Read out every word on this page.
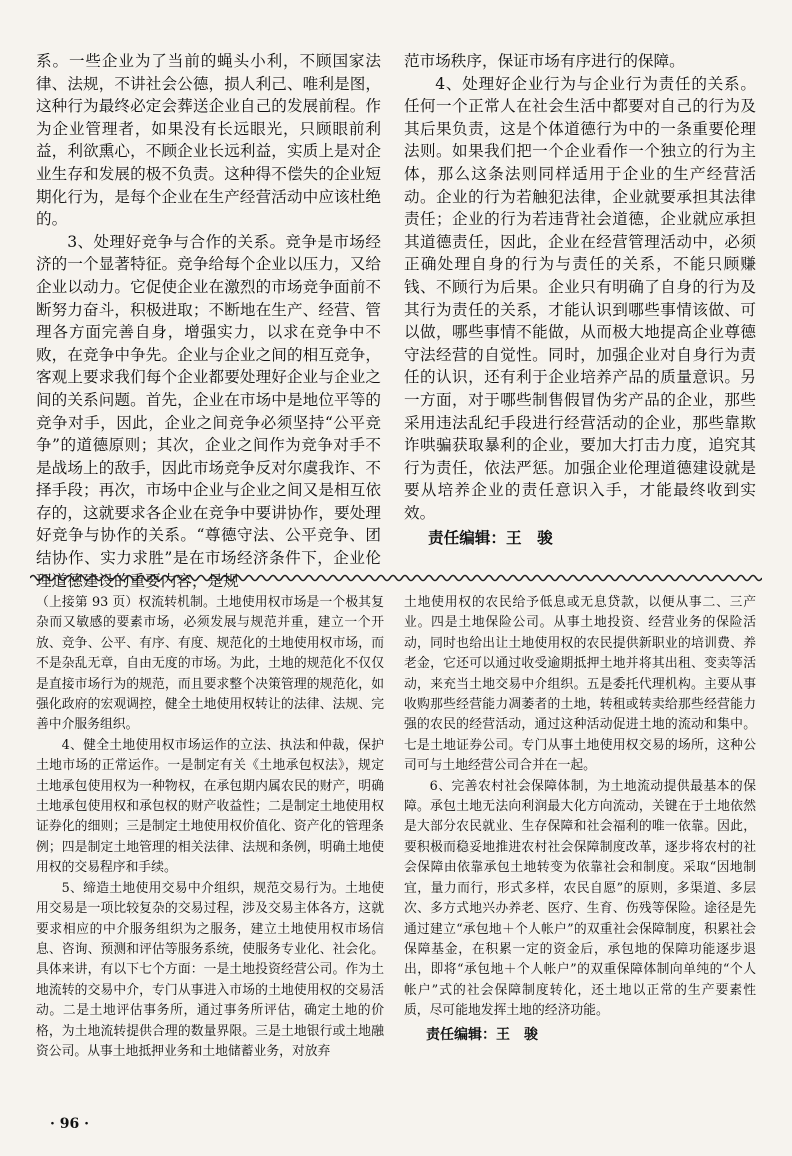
系。一些企业为了当前的蝇头小利，不顾国家法律、法规，不讲社会公德，损人利己、唯利是图，这种行为最终必定会葬送企业自己的发展前程。作为企业管理者，如果没有长远眼光，只顾眼前利益，利欲熏心，不顾企业长远利益，实质上是对企业生存和发展的极不负责。这种得不偿失的企业短期化行为，是每个企业在生产经营活动中应该杜绝的。

3、处理好竞争与合作的关系。竞争是市场经济的一个显著特征。竞争给每个企业以压力，又给企业以动力。它促使企业在激烈的市场竞争面前不断努力奋斗，积极进取；不断地在生产、经营、管理各方面完善自身，增强实力，以求在竞争中不败，在竞争中争先。企业与企业之间的相互竞争，客观上要求我们每个企业都要处理好企业与企业之间的关系问题。首先，企业在市场中是地位平等的竞争对手，因此，企业之间竞争必须坚持“公平竞争”的道德原则；其次，企业之间作为竞争对手不是战场上的敌手，因此市场竞争反对尔虞我诈、不择手段；再次，市场中企业与企业之间又是相互依存的，这就要求各企业在竞争中要讲协作，要处理好竞争与协作的关系。“尊德守法、公平竞争、团结协作、实力求胜”是在市场经济条件下，企业伦理道德建设的重要内容，是规

范市场秩序，保证市场有序进行的保障。

4、处理好企业行为与企业行为责任的关系。任何一个正常人在社会生活中都要对自己的行为及其后果负责，这是个体道德行为中的一条重要伦理法则。如果我们把一个企业看作一个独立的行为主体，那么这条法则同样适用于企业的生产经营活动。企业的行为若触犯法律，企业就要承担其法律责任；企业的行为若违背社会道德，企业就应承担其道德责任，因此，企业在经营管理活动中，必须正确处理自身的行为与责任的关系，不能只顾赚钱、不顾行为后果。企业只有明确了自身的行为及其行为责任的关系，才能认识到哪些事情该做、可以做，哪些事情不能做，从而极大地提高企业尊德守法经营的自觉性。同时，加强企业对自身行为责任的认识，还有利于企业培养产品的质量意识。另一方面，对于哪些制售假冒伪劣产品的企业，那些采用违法乱纪手段进行经营活动的企业，那些靠欺诈哄骗获取暴利的企业，要加大打击力度，追究其行为责任，依法严惩。加强企业伦理道德建设就是要从培养企业的责任意识入手，才能最终收到实效。

责任编辑：王　骏

（上接第 93 页）权流转机制。土地使用权市场是一个极其复杂而又敏感的要素市场，必须发展与规范并重，建立一个开放、竞争、公平、有序、有度、规范化的土地使用权市场，而不是杂乱无章，自由无度的市场。为此，土地的规范化不仅仅是直接市场行为的规范，而且要求整个决策管理的规范化，如强化政府的宏观调控，健全土地使用权转让的法律、法规、完善中介服务组织。

4、健全土地使用权市场运作的立法、执法和仲裁，保护土地市场的正常运作。一是制定有关《土地承包权法》，规定土地承包使用权为一种物权，在承包期内属农民的财产，明确土地承包使用权和承包权的财产收益性；二是制定土地使用权证券化的细则；三是制定土地使用权价值化、资产化的管理条例；四是制定土地管理的相关法律、法规和条例，明确土地使用权的交易程序和手续。

5、缔造土地使用交易中介组织，规范交易行为。土地使用交易是一项比较复杂的交易过程，涉及交易主体各方，这就要求相应的中介服务组织为之服务，建立土地使用权市场信息、咨询、预测和评估等服务系统，使服务专业化、社会化。具体来讲，有以下七个方面：一是土地投资经营公司。作为土地流转的交易中介，专门从事进入市场的土地使用权的交易活动。二是土地评估事务所，通过事务所评估，确定土地的价格，为土地流转提供合理的数量界限。三是土地银行或土地融资公司。从事土地抵押业务和土地储蓄业务，对放弃

土地使用权的农民给予低息或无息贷款，以便从事二、三产业。四是土地保险公司。从事土地投资、经营业务的保险活动，同时也给出让土地使用权的农民提供新职业的培训费、养老金，它还可以通过收受逾期抵押土地并将其出租、变卖等活动，来充当土地交易中介组织。五是委托代理机构。主要从事收购那些经营能力凋萎者的土地，转租或转卖给那些经营能力强的农民的经营活动，通过这种活动促进土地的流动和集中。七是土地证券公司。专门从事土地使用权交易的场所，这种公司可与土地经营公司合并在一起。

6、完善农村社会保障体制，为土地流动提供最基本的保障。承包土地无法向利润最大化方向流动，关键在于土地依然是大部分农民就业、生存保障和社会福利的唯一依靠。因此，要积极而稳妥地推进农村社会保障制度改革，逐步将农村的社会保障由依靠承包土地转变为依靠社会和制度。采取“因地制宜，量力而行，形式多样，农民自愿”的原则，多渠道、多层次、多方式地兴办养老、医疗、生育、伤残等保险。途径是先通过建立“承包地＋个人帐户”的双重社会保障制度，积累社会保障基金，在积累一定的资金后，承包地的保障功能逐步退出，即将“承包地＋个人帐户”的双重保障体制向单纯的“个人帐户”式的社会保障制度转化，还土地以正常的生产要素性质，尽可能地发挥土地的经济功能。

责任编辑：王　骏

· 96 ·
